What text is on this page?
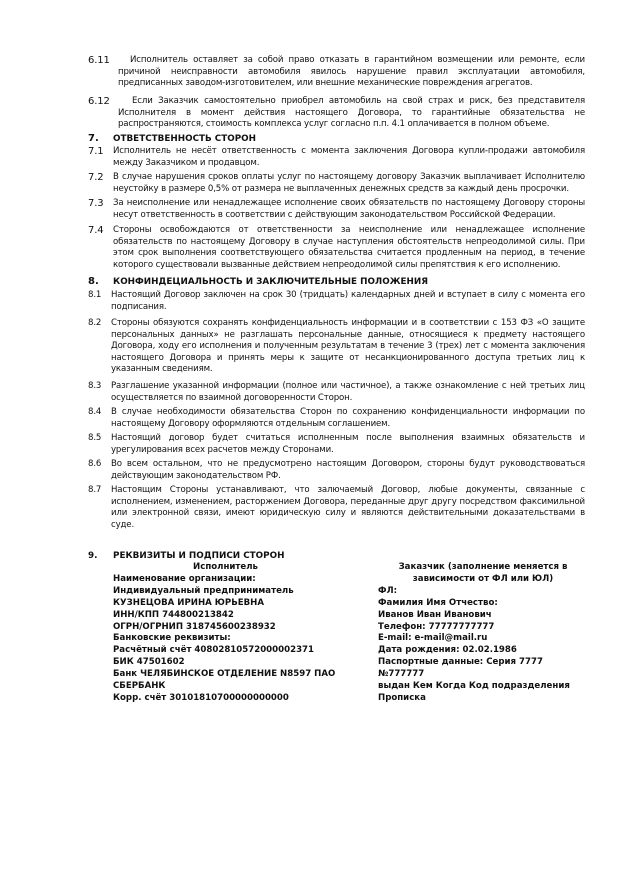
6.11	Исполнитель оставляет за собой право отказать в гарантийном возмещении или ремонте, если причиной неисправности автомобиля явилось нарушение правил эксплуатации автомобиля, предписанных заводом-изготовителем, или внешние механические повреждения агрегатов.
6.12	Если Заказчик самостоятельно приобрел автомобиль на свой страх и риск, без представителя Исполнителя в момент действия настоящего Договора, то гарантийные обязательства не распространяются, стоимость комплекса услуг согласно п.п. 4.1 оплачивается в полном объеме.
7. ОТВЕТСТВЕННОСТЬ СТОРОН
7.1	Исполнитель не несёт ответственность с момента заключения Договора купли-продажи автомобиля между Заказчиком и продавцом.
7.2	В случае нарушения сроков оплаты услуг по настоящему договору Заказчик выплачивает Исполнителю неустойку в размере 0,5% от размера не выплаченных денежных средств за каждый день просрочки.
7.3	За неисполнение или ненадлежащее исполнение своих обязательств по настоящему Договору стороны несут ответственность в соответствии с действующим законодательством Российской Федерации.
7.4	Стороны освобождаются от ответственности за неисполнение или ненадлежащее исполнение обязательств по настоящему Договору в случае наступления обстоятельств непреодолимой силы. При этом срок выполнения соответствующего обязательства считается продленным на период, в течение которого существовали вызванные действием непреодолимой силы препятствия к его исполнению.
8. КОНФИНДЕЦИАЛЬНОСТЬ И ЗАКЛЮЧИТЕЛЬНЫЕ ПОЛОЖЕНИЯ
8.1	Настоящий Договор заключен на срок 30 (тридцать) календарных дней и вступает в силу с момента его подписания.
8.2	Стороны обязуются сохранять конфиденциальность информации и в соответствии с 153 ФЗ «О защите персональных данных» не разглашать персональные данные, относящиеся к предмету настоящего Договора, ходу его исполнения и полученным результатам в течение 3 (трех) лет с момента заключения настоящего Договора и принять меры к защите от несанкционированного доступа третьих лиц к указанным сведениям.
8.3	Разглашение указанной информации (полное или частичное), а также ознакомление с ней третьих лиц осуществляется по взаимной договоренности Сторон.
8.4	В случае необходимости обязательства Сторон по сохранению конфиденциальности информации по настоящему Договору оформляются отдельным соглашением.
8.5	Настоящий договор будет считаться исполненным после выполнения взаимных обязательств и урегулирования всех расчетов между Сторонами.
8.6	Во всем остальном, что не предусмотрено настоящим Договором, стороны будут руководствоваться действующим законодательством РФ.
8.7	Настоящим Стороны устанавливают, что залючаемый Договор, любые документы, связанные с исполнением, изменением, расторжением Договора, переданные друг другу посредством факсимильной или электронной связи, имеют юридическую силу и являются действительными доказательствами в суде.
9. РЕКВИЗИТЫ И ПОДПИСИ СТОРОН
Исполнитель
Наименование организации:
Индивидуальный предприниматель
КУЗНЕЦОВА ИРИНА ЮРЬЕВНА
ИНН/КПП 744800213842
ОГРН/ОГРНИП 318745600238932
Банковские реквизиты:
Расчётный счёт 40802810572000002371
БИК 47501602
Банк ЧЕЛЯБИНСКОЕ ОТДЕЛЕНИЕ N8597 ПАО
СБЕРБАНК
Корр. счёт 30101810700000000000
Заказчик (заполнение меняется в
зависимости от ФЛ или ЮЛ)
ФЛ:
Фамилия Имя Отчество:
Иванов Иван Иванович
Телефон: 77777777777
E-mail: e-mail@mail.ru
Дата рождения: 02.02.1986
Паспортные данные: Серия 7777 №777777
выдан Кем Когда Код подразделения
Прописка
